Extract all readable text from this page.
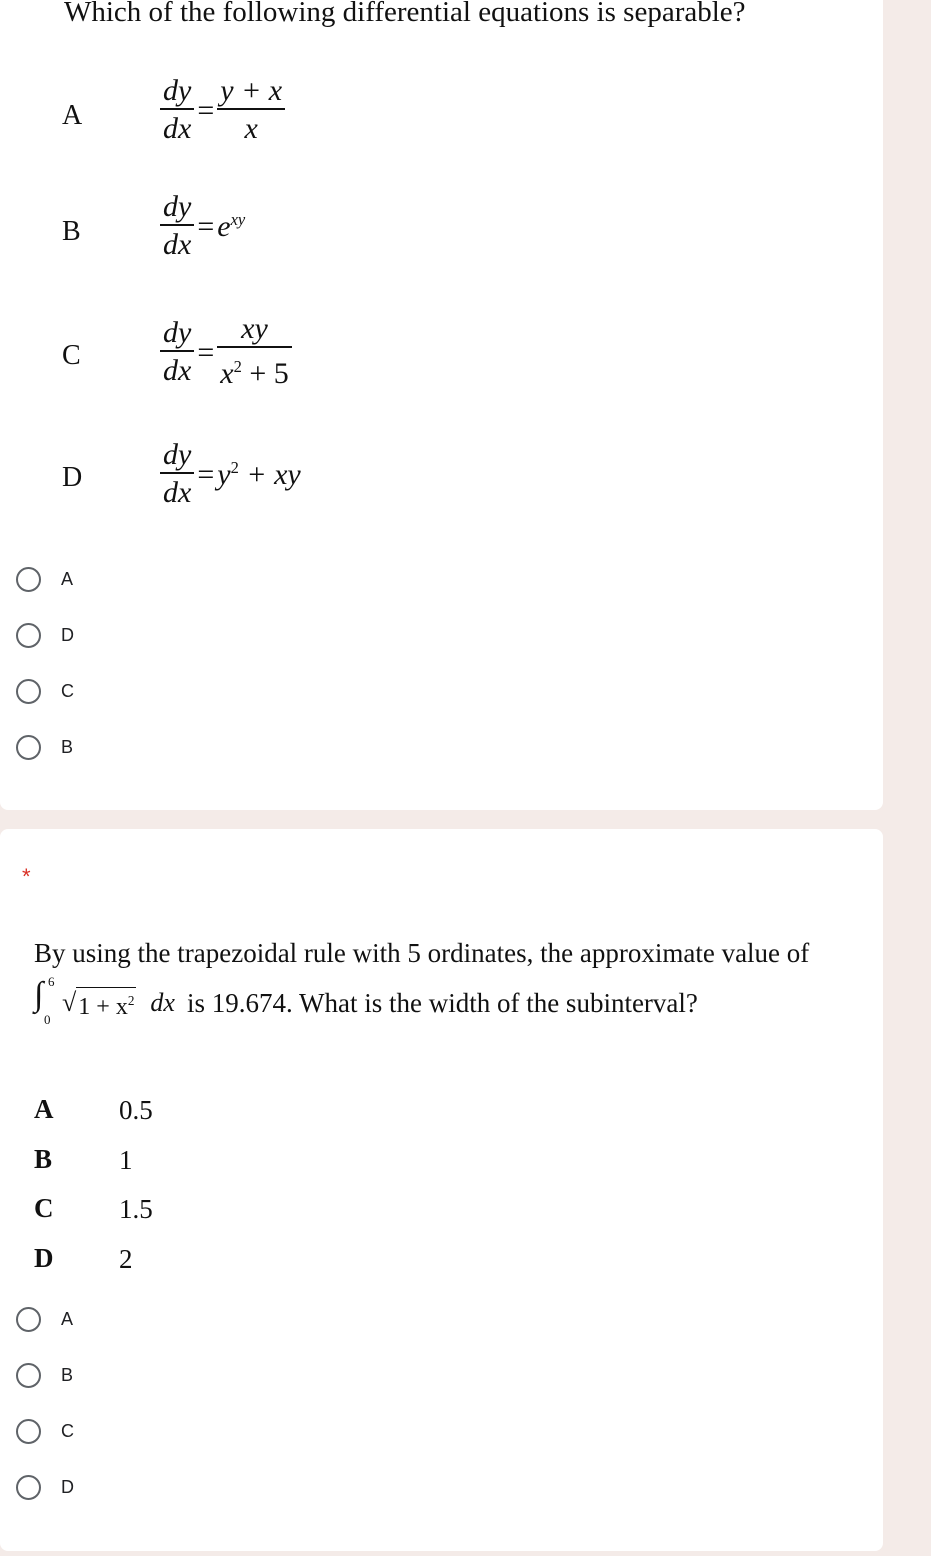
Which of the following differential equations is separable?
A	$\frac{dy}{dx} = \frac{y + x}{x}$
B	$\frac{dy}{dx} = e^{xy}$
C	$\frac{dy}{dx} = \frac{xy}{x^2 + 5}$
D	$\frac{dy}{dx} = y^2$ + xy
A
D
C
B
*
By using the trapezoidal rule with 5 ordinates, the approximate value of
∫ 6
0
√ $1 + x^2$ dx is 19.674. What is the width of the subinterval?
A 0.5
B 1
C 1.5
D 2
A
B
C
D
